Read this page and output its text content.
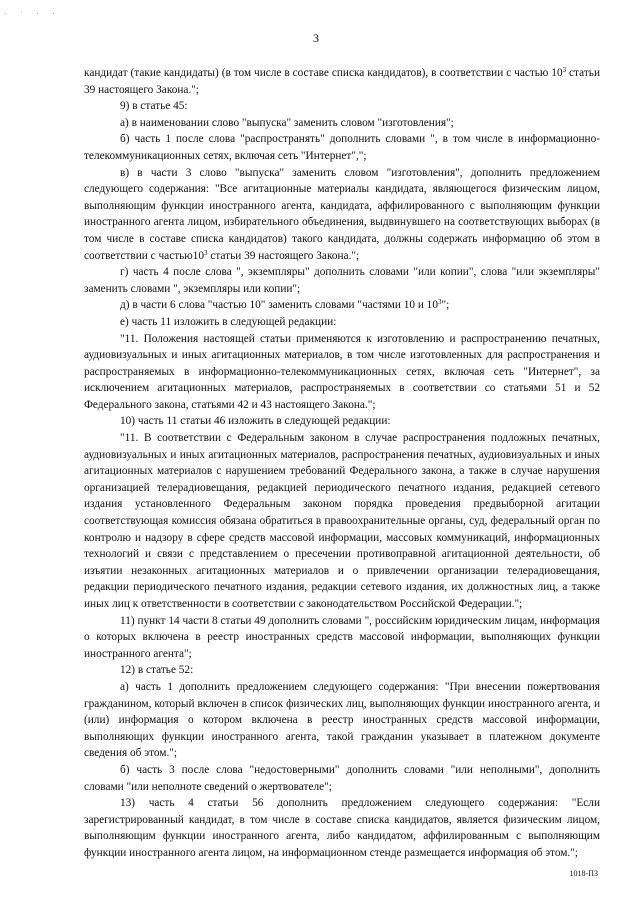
· ˈ · ·
3

кандидат (такие кандидаты) (в том числе в составе списка кандидатов), в соответствии с частью $10^3$ статьи 39 настоящего Закона.";

9) в статье 45:

а) в наименовании слово "выпуска" заменить словом "изготовления";

б) часть 1 после слова "распространять" дополнить словами ", в том числе в информационно-телекоммуникационных сетях, включая сеть "Интернет",";

в) в части 3 слово "выпуска" заменить словом "изготовления", дополнить предложением следующего содержания: "Все агитационные материалы кандидата, являющегося физическим лицом, выполняющим функции иностранного агента, кандидата, аффилированного с выполняющим функции иностранного агента лицом, избирательного объединения, выдвинувшего на соответствующих выборах (в том числе в составе списка кандидатов) такого кандидата, должны содержать информацию об этом в соответствии с $частью10^3$ статьи 39 настоящего Закона.";

г) часть 4 после слова ", экземпляры" дополнить словами "или копии", слова "или экземпляры" заменить словами ", экземпляры или копии";

д) в части 6 слова "частью 10" заменить словами "частями 10 и $10^3$";

е) часть 11 изложить в следующей редакции:

"11. Положения настоящей статьи применяются к изготовлению и распространению печатных, аудиовизуальных и иных агитационных материалов, в том числе изготовленных для распространения и распространяемых в информационно-телекоммуникационных сетях, включая сеть "Интернет", за исключением агитационных материалов, распространяемых в соответствии со статьями 51 и 52 Федерального закона, статьями 42 и 43 настоящего Закона.";

10) часть 11 статьи 46 изложить в следующей редакции:

"11. В соответствии с Федеральным законом в случае распространения подложных печатных, аудиовизуальных и иных агитационных материалов, распространения печатных, аудиовизуальных и иных агитационных материалов с нарушением требований Федерального закона, а также в случае нарушения организацией телерадиовещания, редакцией периодического печатного издания, редакцией сетевого издания установленного Федеральным законом порядка проведения предвыборной агитации соответствующая комиссия обязана обратиться в правоохранительные органы, суд, федеральный орган по контролю и надзору в сфере средств массовой информации, массовых коммуникаций, информационных технологий и связи с представлением о пресечении противоправной агитационной деятельности, об изъятии незаконных агитационных материалов и о привлечении организации телерадиовещания, редакции периодического печатного издания, редакции сетевого издания, их должностных лиц, а также иных лиц к ответственности в соответствии с законодательством Российской Федерации.";

11) пункт 14 части 8 статьи 49 дополнить словами ", российским юридическим лицам, информация о которых включена в реестр иностранных средств массовой информации, выполняющих функции иностранного агента";

12) в статье 52:

а) часть 1 дополнить предложением следующего содержания: "При внесении пожертвования гражданином, который включен в список физических лиц, выполняющих функции иностранного агента, и (или) информация о котором включена в реестр иностранных средств массовой информации, выполняющих функции иностранного агента, такой гражданин указывает в платежном документе сведения об этом.";

б) часть 3 после слова "недостоверными" дополнить словами "или неполными", дополнить словами "или неполноте сведений о жертвователе";

13) часть 4 статьи 56 дополнить предложением следующего содержания: "Если зарегистрированный кандидат, в том числе в составе списка кандидатов, является физическим лицом, выполняющим функции иностранного агента, либо кандидатом, аффилированным с выполняющим функции иностранного агента лицом, на информационном стенде размещается информация об этом.";

1018-ПЗ
